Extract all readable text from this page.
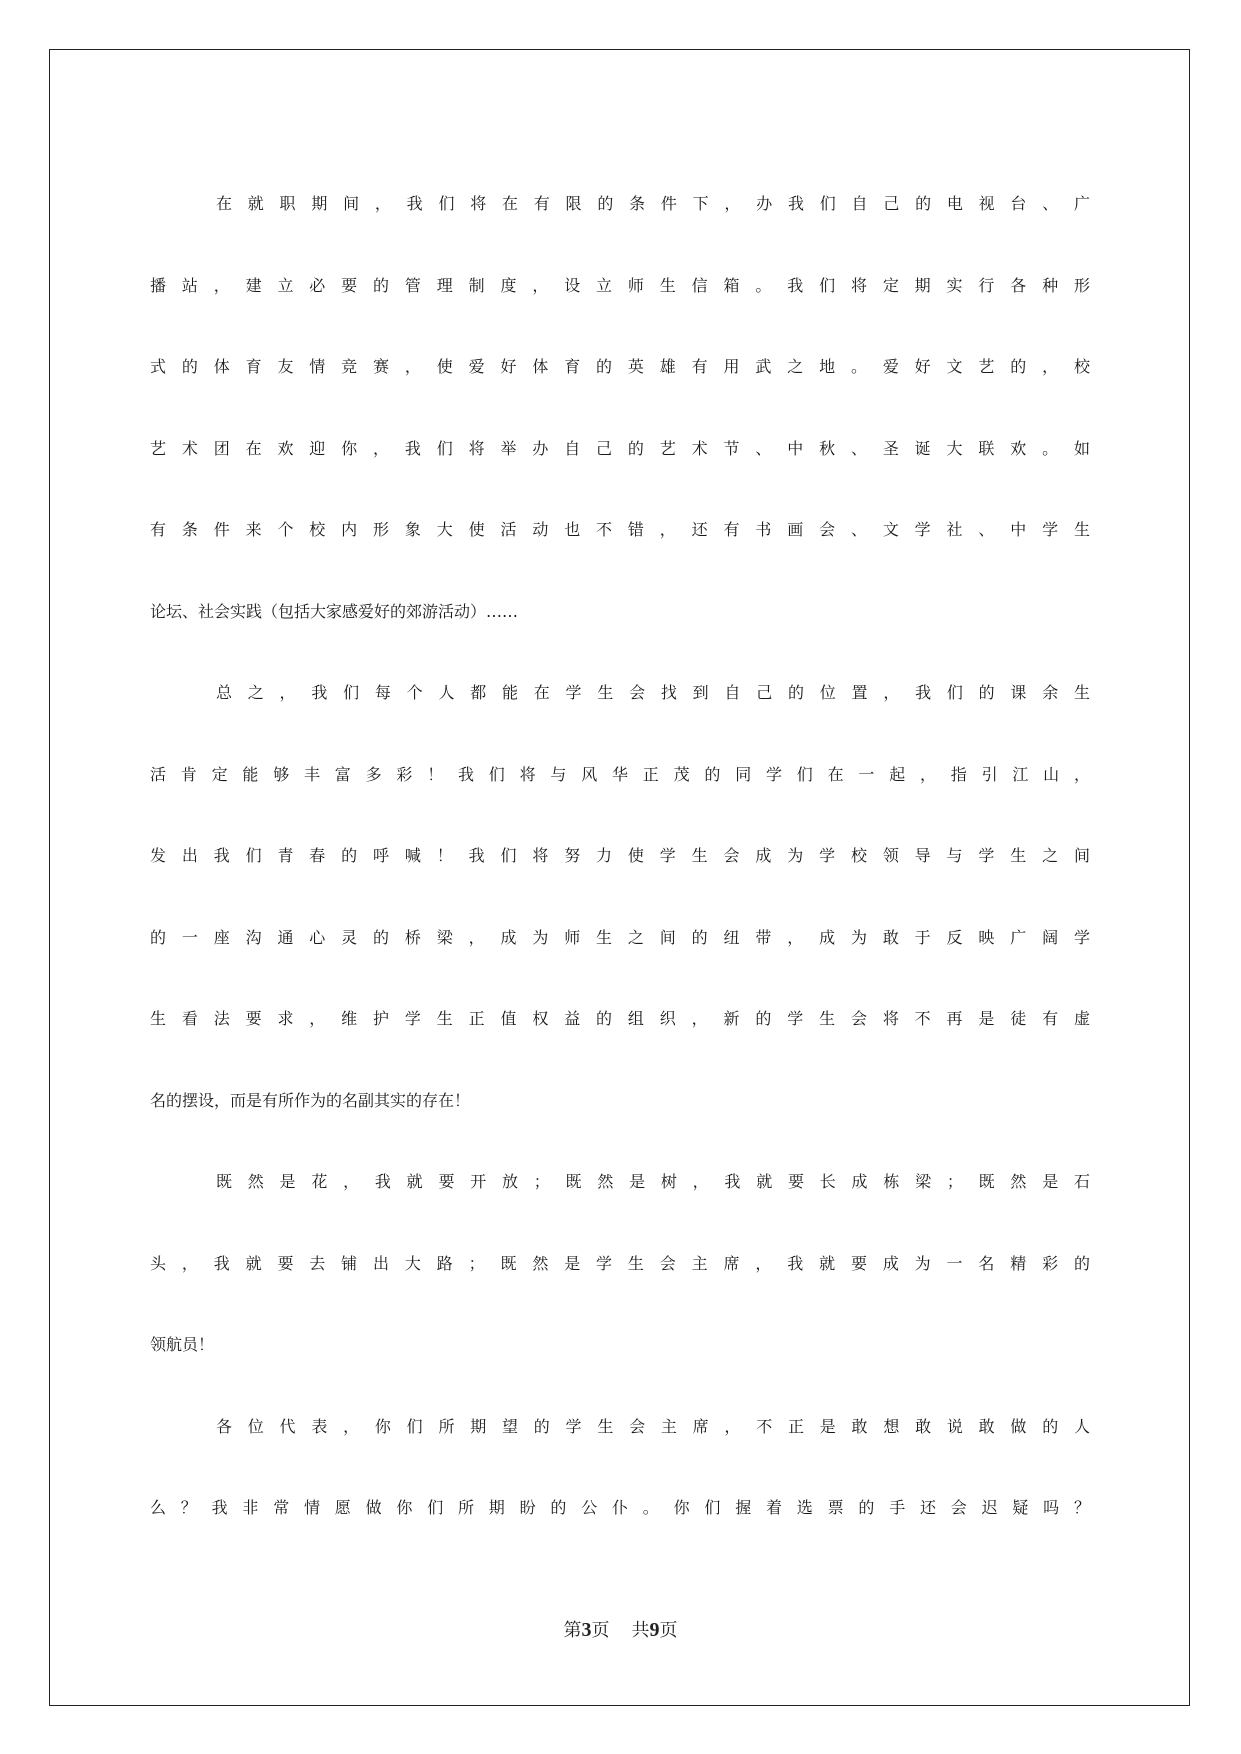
在就职期间，我们将在有限的条件下，办我们自己的电视台、广
播站，建立必要的管理制度，设立师生信箱。我们将定期实行各种形
式的体育友情竞赛，使爱好体育的英雄有用武之地。爱好文艺的，校
艺术团在欢迎你，我们将举办自己的艺术节、中秋、圣诞大联欢。如
有条件来个校内形象大使活动也不错，还有书画会、文学社、中学生
论坛、社会实践（包括大家感爱好的郊游活动）……
总之，我们每个人都能在学生会找到自己的位置，我们的课余生
活肯定能够丰富多彩！我们将与风华正茂的同学们在一起，指引江山，
发出我们青春的呼喊！我们将努力使学生会成为学校领导与学生之间
的一座沟通心灵的桥梁，成为师生之间的纽带，成为敢于反映广阔学
生看法要求，维护学生正值权益的组织，新的学生会将不再是徒有虚
名的摆设，而是有所作为的名副其实的存在！
既然是花，我就要开放；既然是树，我就要长成栋梁；既然是石
头，我就要去铺出大路；既然是学生会主席，我就要成为一名精彩的
领航员！
各位代表，你们所期望的学生会主席，不正是敢想敢说敢做的人
么？我非常情愿做你们所期盼的公仆。你们握着选票的手还会迟疑吗？
第3页 共9页
